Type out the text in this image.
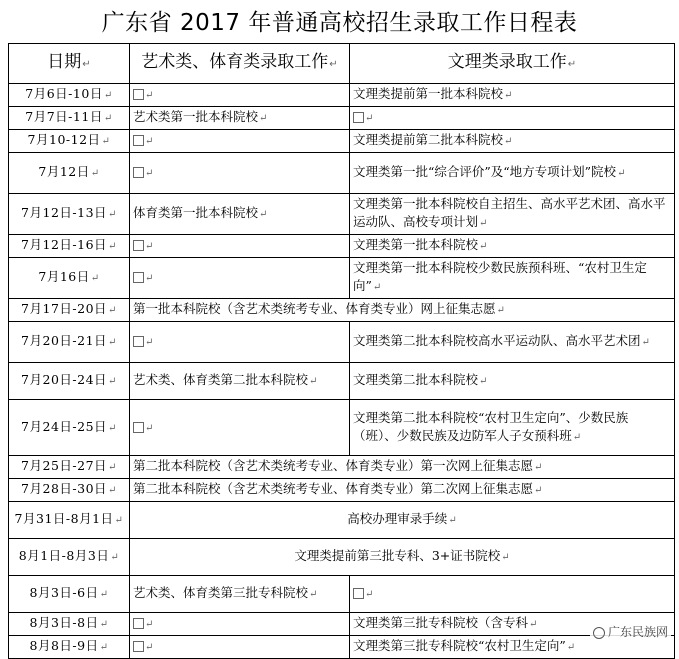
广东省 2017 年普通高校招生录取工作日程表
日期↵	艺术类、体育类录取工作↵	文理类录取工作↵
7月6日-10日↵	↵	文理类提前第一批本科院校↵
7月7日-11日↵	艺术类第一批本科院校↵	↵
7月10-12日↵	↵	文理类提前第二批本科院校↵
7月12日↵	↵	文理类第一批“综合评价”及“地方专项计划”院校↵
7月12日-13日↵	体育类第一批本科院校↵	文理类第一批本科院校自主招生、高水平艺术团、高水平运动队、高校专项计划↵
7月12日-16日↵	↵	文理类第一批本科院校↵
7月16日↵	↵	文理类第一批本科院校少数民族预科班、“农村卫生定向”↵
7月17日-20日↵	第一批本科院校（含艺术类统考专业、体育类专业）网上征集志愿↵	
7月20日-21日↵	↵	文理类第二批本科院校高水平运动队、高水平艺术团↵
7月20日-24日↵	艺术类、体育类第二批本科院校↵	文理类第二批本科院校↵
7月24日-25日↵	↵	文理类第二批本科院校“农村卫生定向”、少数民族（班）、少数民族及边防军人子女预科班↵
7月25日-27日↵	第二批本科院校（含艺术类统考专业、体育类专业）第一次网上征集志愿↵	
7月28日-30日↵	第二批本科院校（含艺术类统考专业、体育类专业）第二次网上征集志愿↵	
7月31日-8月1日↵	高校办理审录手续↵	
8月1日-8月3日↵	文理类提前第三批专科、3+证书院校↵	
8月3日-6日↵	艺术类、体育类第三批专科院校↵	↵
8月3日-8日↵	↵	文理类第三批专科院校（含专科↵
8月8日-9日↵	↵	文理类第三批专科院校“农村卫生定向”↵
广东民族网
